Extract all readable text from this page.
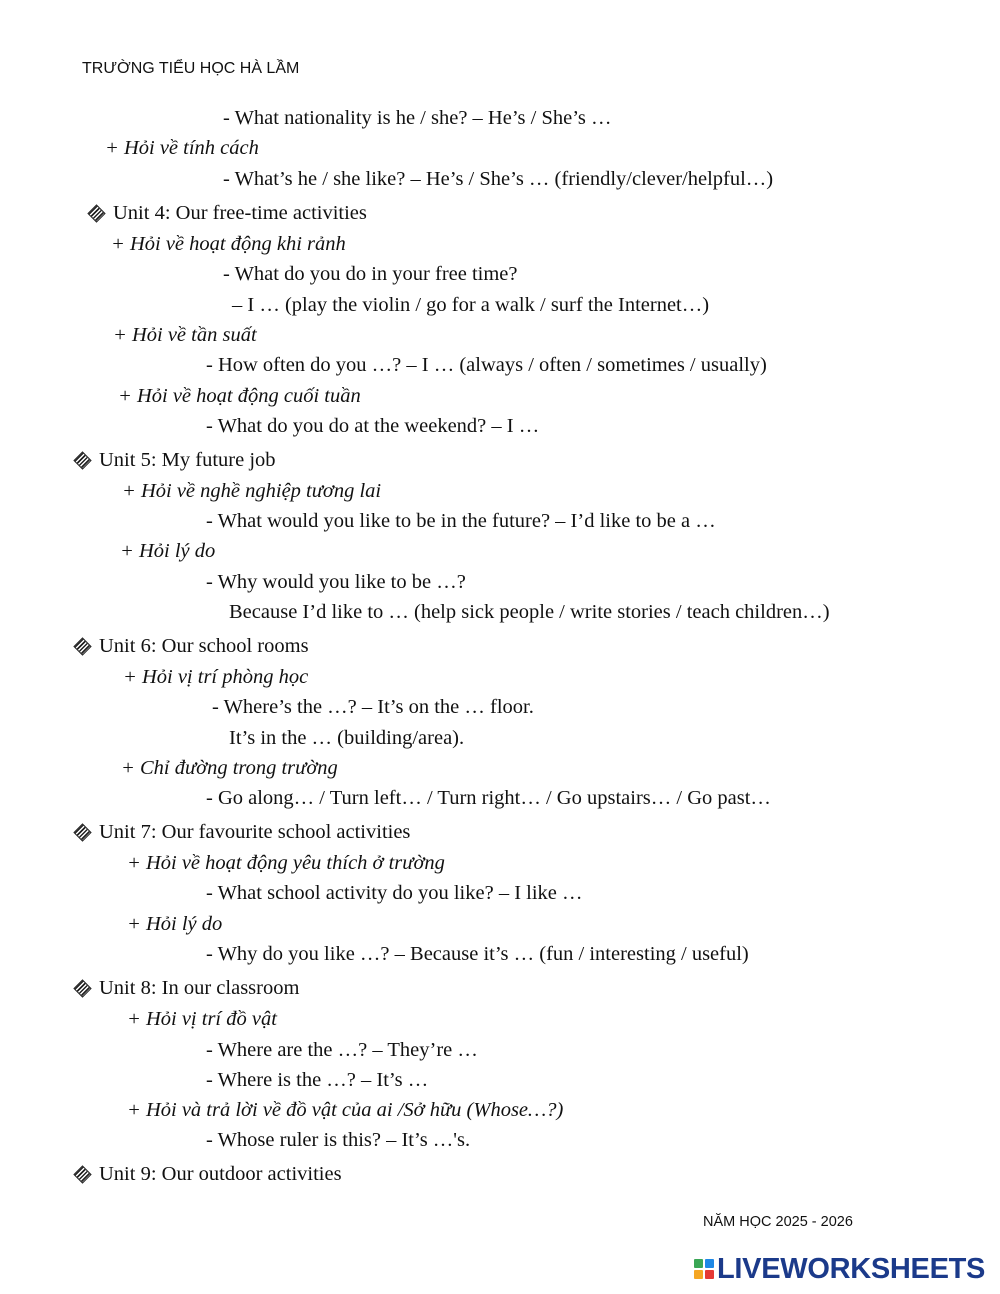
TRƯỜNG TIỂU HỌC HÀ LẦM
- What nationality is he / she? – He’s / She’s …
+ Hỏi về tính cách
- What’s he / she like? – He’s / She’s … (friendly/clever/helpful…)
Unit 4: Our free-time activities
+ Hỏi về hoạt động khi rảnh
- What do you do in your free time?
– I … (play the violin / go for a walk / surf the Internet…)
+ Hỏi về tần suất
- How often do you …? – I … (always / often / sometimes / usually)
+ Hỏi về hoạt động cuối tuần
- What do you do at the weekend? – I …
Unit 5: My future job
+ Hỏi về nghề nghiệp tương lai
- What would you like to be in the future? – I’d like to be a …
+ Hỏi lý do
- Why would you like to be …?
Because I’d like to … (help sick people / write stories / teach children…)
Unit 6: Our school rooms
+ Hỏi vị trí phòng học
- Where’s the …? – It’s on the … floor.
It’s in the … (building/area).
+ Chỉ đường trong trường
- Go along… / Turn left… / Turn right… / Go upstairs… / Go past…
Unit 7: Our favourite school activities
+ Hỏi về hoạt động yêu thích ở trường
- What school activity do you like? – I like …
+ Hỏi lý do
- Why do you like …? – Because it’s … (fun / interesting / useful)
Unit 8: In our classroom
+ Hỏi vị trí đồ vật
- Where are the …? – They’re …
- Where is the …? – It’s …
+ Hỏi và trả lời về đồ vật của ai /Sở hữu (Whose…?)
- Whose ruler is this? – It’s …'s.
Unit 9: Our outdoor activities
NĂM HỌC 2025 - 2026
LIVEWORKSHEETS
